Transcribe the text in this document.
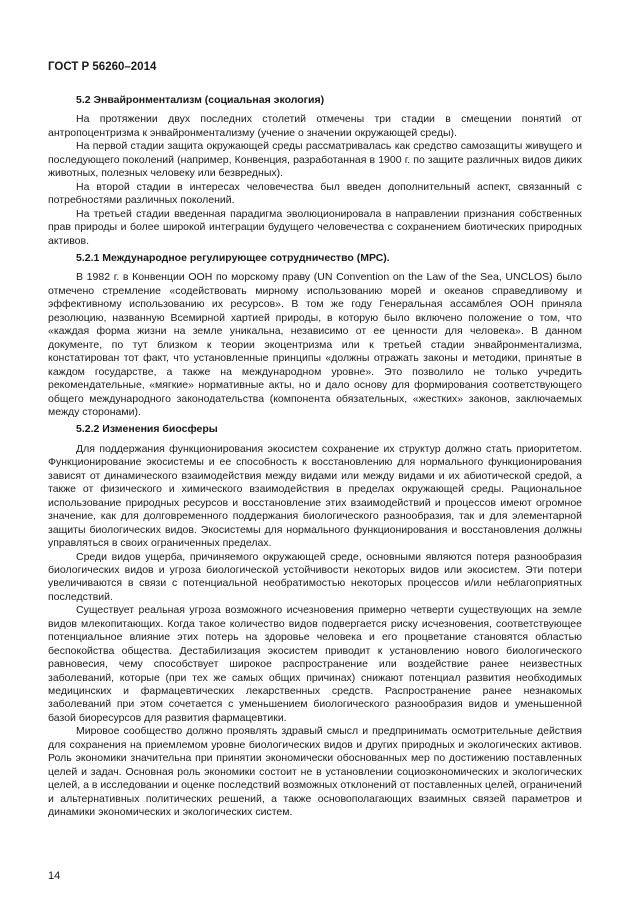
ГОСТ Р 56260–2014
5.2 Энвайронментализм (социальная экология)

На протяжении двух последних столетий отмечены три стадии в смещении понятий от антропоцентризма к энвайронментализму (учение о значении окружающей среды).

На первой стадии защита окружающей среды рассматривалась как средство самозащиты живущего и последующего поколений (например, Конвенция, разработанная в 1900 г. по защите различных видов диких животных, полезных человеку или безвредных).

На второй стадии в интересах человечества был введен дополнительный аспект, связанный с потребностями различных поколений.

На третьей стадии введенная парадигма эволюционировала в направлении признания собственных прав природы и более широкой интеграции будущего человечества с сохранением биотических природных активов.

5.2.1 Международное регулирующее сотрудничество (МРС).

В 1982 г. в Конвенции ООН по морскому праву (UN Convention on the Law of the Sea, UNCLOS) было отмечено стремление «содействовать мирному использованию морей и океанов справедливому и эффективному использованию их ресурсов». В том же году Генеральная ассамблея ООН приняла резолюцию, названную Всемирной хартией природы, в которую было включено положение о том, что «каждая форма жизни на земле уникальна, независимо от ее ценности для человека». В данном документе, по тут близком к теории экоцентризма или к третьей стадии энвайронментализма, констатирован тот факт, что установленные принципы «должны отражать законы и методики, принятые в каждом государстве, а также на международном уровне». Это позволило не только учредить рекомендательные, «мягкие» нормативные акты, но и дало основу для формирования соответствующего общего международного законодательства (компонента обязательных, «жестких» законов, заключаемых между сторонами).

5.2.2 Изменения биосферы

Для поддержания функционирования экосистем сохранение их структур должно стать приоритетом. Функционирование экосистемы и ее способность к восстановлению для нормального функционирования зависят от динамического взаимодействия между видами или между видами и их абиотической средой, а также от физического и химического взаимодействия в пределах окружающей среды. Рациональное использование природных ресурсов и восстановление этих взаимодействий и процессов имеют огромное значение, как для долговременного поддержания биологического разнообразия, так и для элементарной защиты биологических видов. Экосистемы для нормального функционирования и восстановления должны управляться в своих ограниченных пределах.

Среди видов ущерба, причиняемого окружающей среде, основными являются потеря разнообразия биологических видов и угроза биологической устойчивости некоторых видов или экосистем. Эти потери увеличиваются в связи с потенциальной необратимостью некоторых процессов и/или неблагоприятных последствий.

Существует реальная угроза возможного исчезновения примерно четверти существующих на земле видов млекопитающих. Когда такое количество видов подвергается риску исчезновения, соответствующее потенциальное влияние этих потерь на здоровье человека и его процветание становятся областью беспокойства общества. Дестабилизация экосистем приводит к установлению нового биологического равновесия, чему способствует широкое распространение или воздействие ранее неизвестных заболеваний, которые (при тех же самых общих причинах) снижают потенциал развития необходимых медицинских и фармацевтических лекарственных средств. Распространение ранее незнакомых заболеваний при этом сочетается с уменьшением биологического разнообразия видов и уменьшенной базой биоресурсов для развития фармацевтики.

Мировое сообщество должно проявлять здравый смысл и предпринимать осмотрительные действия для сохранения на приемлемом уровне биологических видов и других природных и экологических активов. Роль экономики значительна при принятии экономически обоснованных мер по достижению поставленных целей и задач. Основная роль экономики состоит не в установлении социоэкономических и экологических целей, а в исследовании и оценке последствий возможных отклонений от поставленных целей, ограничений и альтернативных политических решений, а также основополагающих взаимных связей параметров и динамики экономических и экологических систем.

14
